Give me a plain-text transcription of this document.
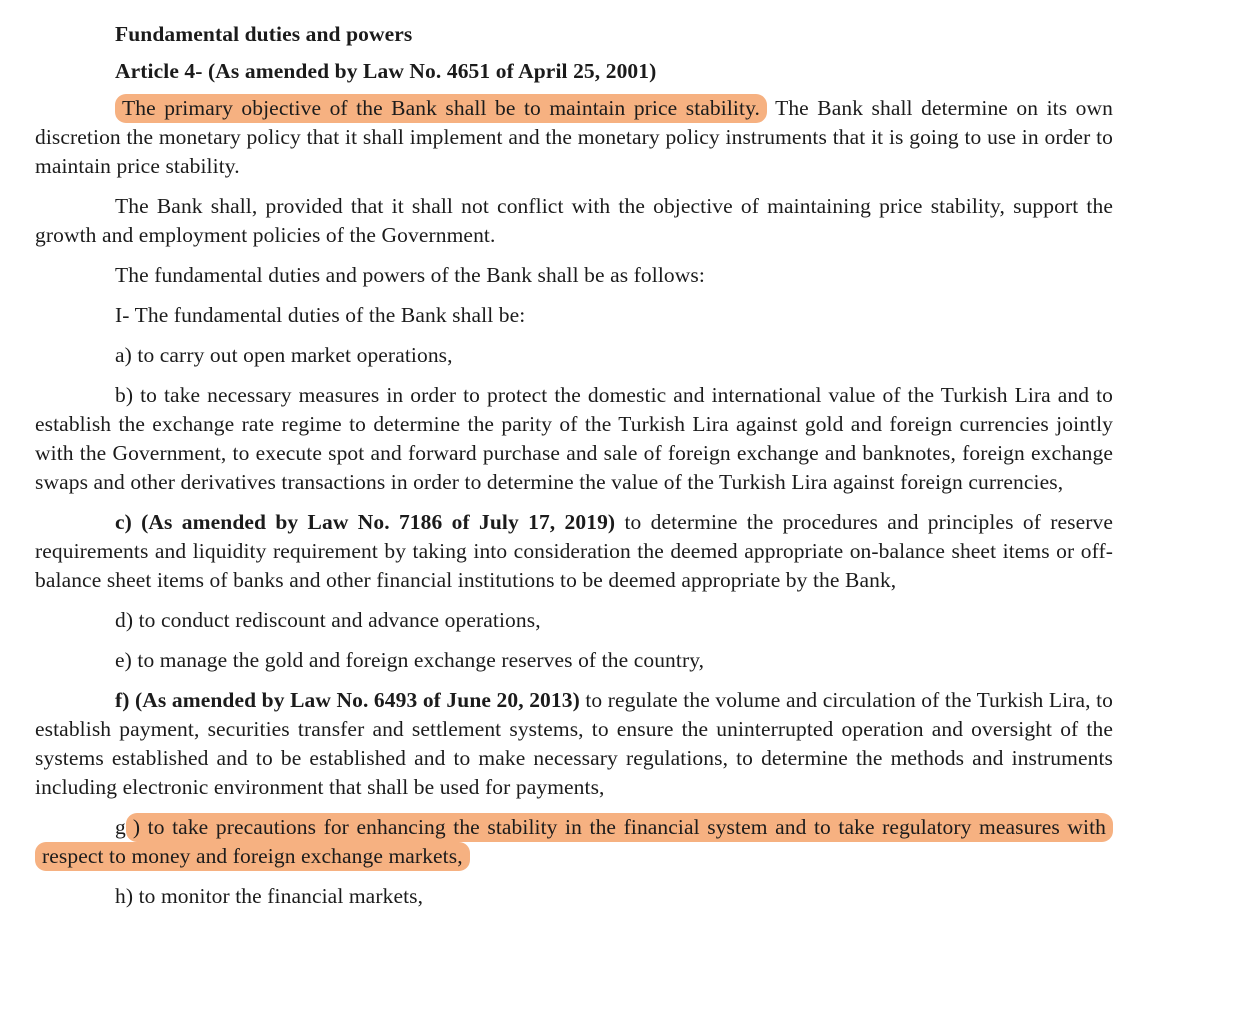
Fundamental duties and powers

Article 4- (As amended by Law No. 4651 of April 25, 2001)

The primary objective of the Bank shall be to maintain price stability. The Bank shall determine on its own discretion the monetary policy that it shall implement and the monetary policy instruments that it is going to use in order to maintain price stability.

The Bank shall, provided that it shall not conflict with the objective of maintaining price stability, support the growth and employment policies of the Government.

The fundamental duties and powers of the Bank shall be as follows:

I- The fundamental duties of the Bank shall be:

a) to carry out open market operations,

b) to take necessary measures in order to protect the domestic and international value of the Turkish Lira and to establish the exchange rate regime to determine the parity of the Turkish Lira against gold and foreign currencies jointly with the Government, to execute spot and forward purchase and sale of foreign exchange and banknotes, foreign exchange swaps and other derivatives transactions in order to determine the value of the Turkish Lira against foreign currencies,

c) (As amended by Law No. 7186 of July 17, 2019) to determine the procedures and principles of reserve requirements and liquidity requirement by taking into consideration the deemed appropriate on-balance sheet items or off-balance sheet items of banks and other financial institutions to be deemed appropriate by the Bank,

d) to conduct rediscount and advance operations,

e) to manage the gold and foreign exchange reserves of the country,

f) (As amended by Law No. 6493 of June 20, 2013) to regulate the volume and circulation of the Turkish Lira, to establish payment, securities transfer and settlement systems, to ensure the uninterrupted operation and oversight of the systems established and to be established and to make necessary regulations, to determine the methods and instruments including electronic environment that shall be used for payments,

g ) to take precautions for enhancing the stability in the financial system and to take regulatory measures with respect to money and foreign exchange markets,

h) to monitor the financial markets,
